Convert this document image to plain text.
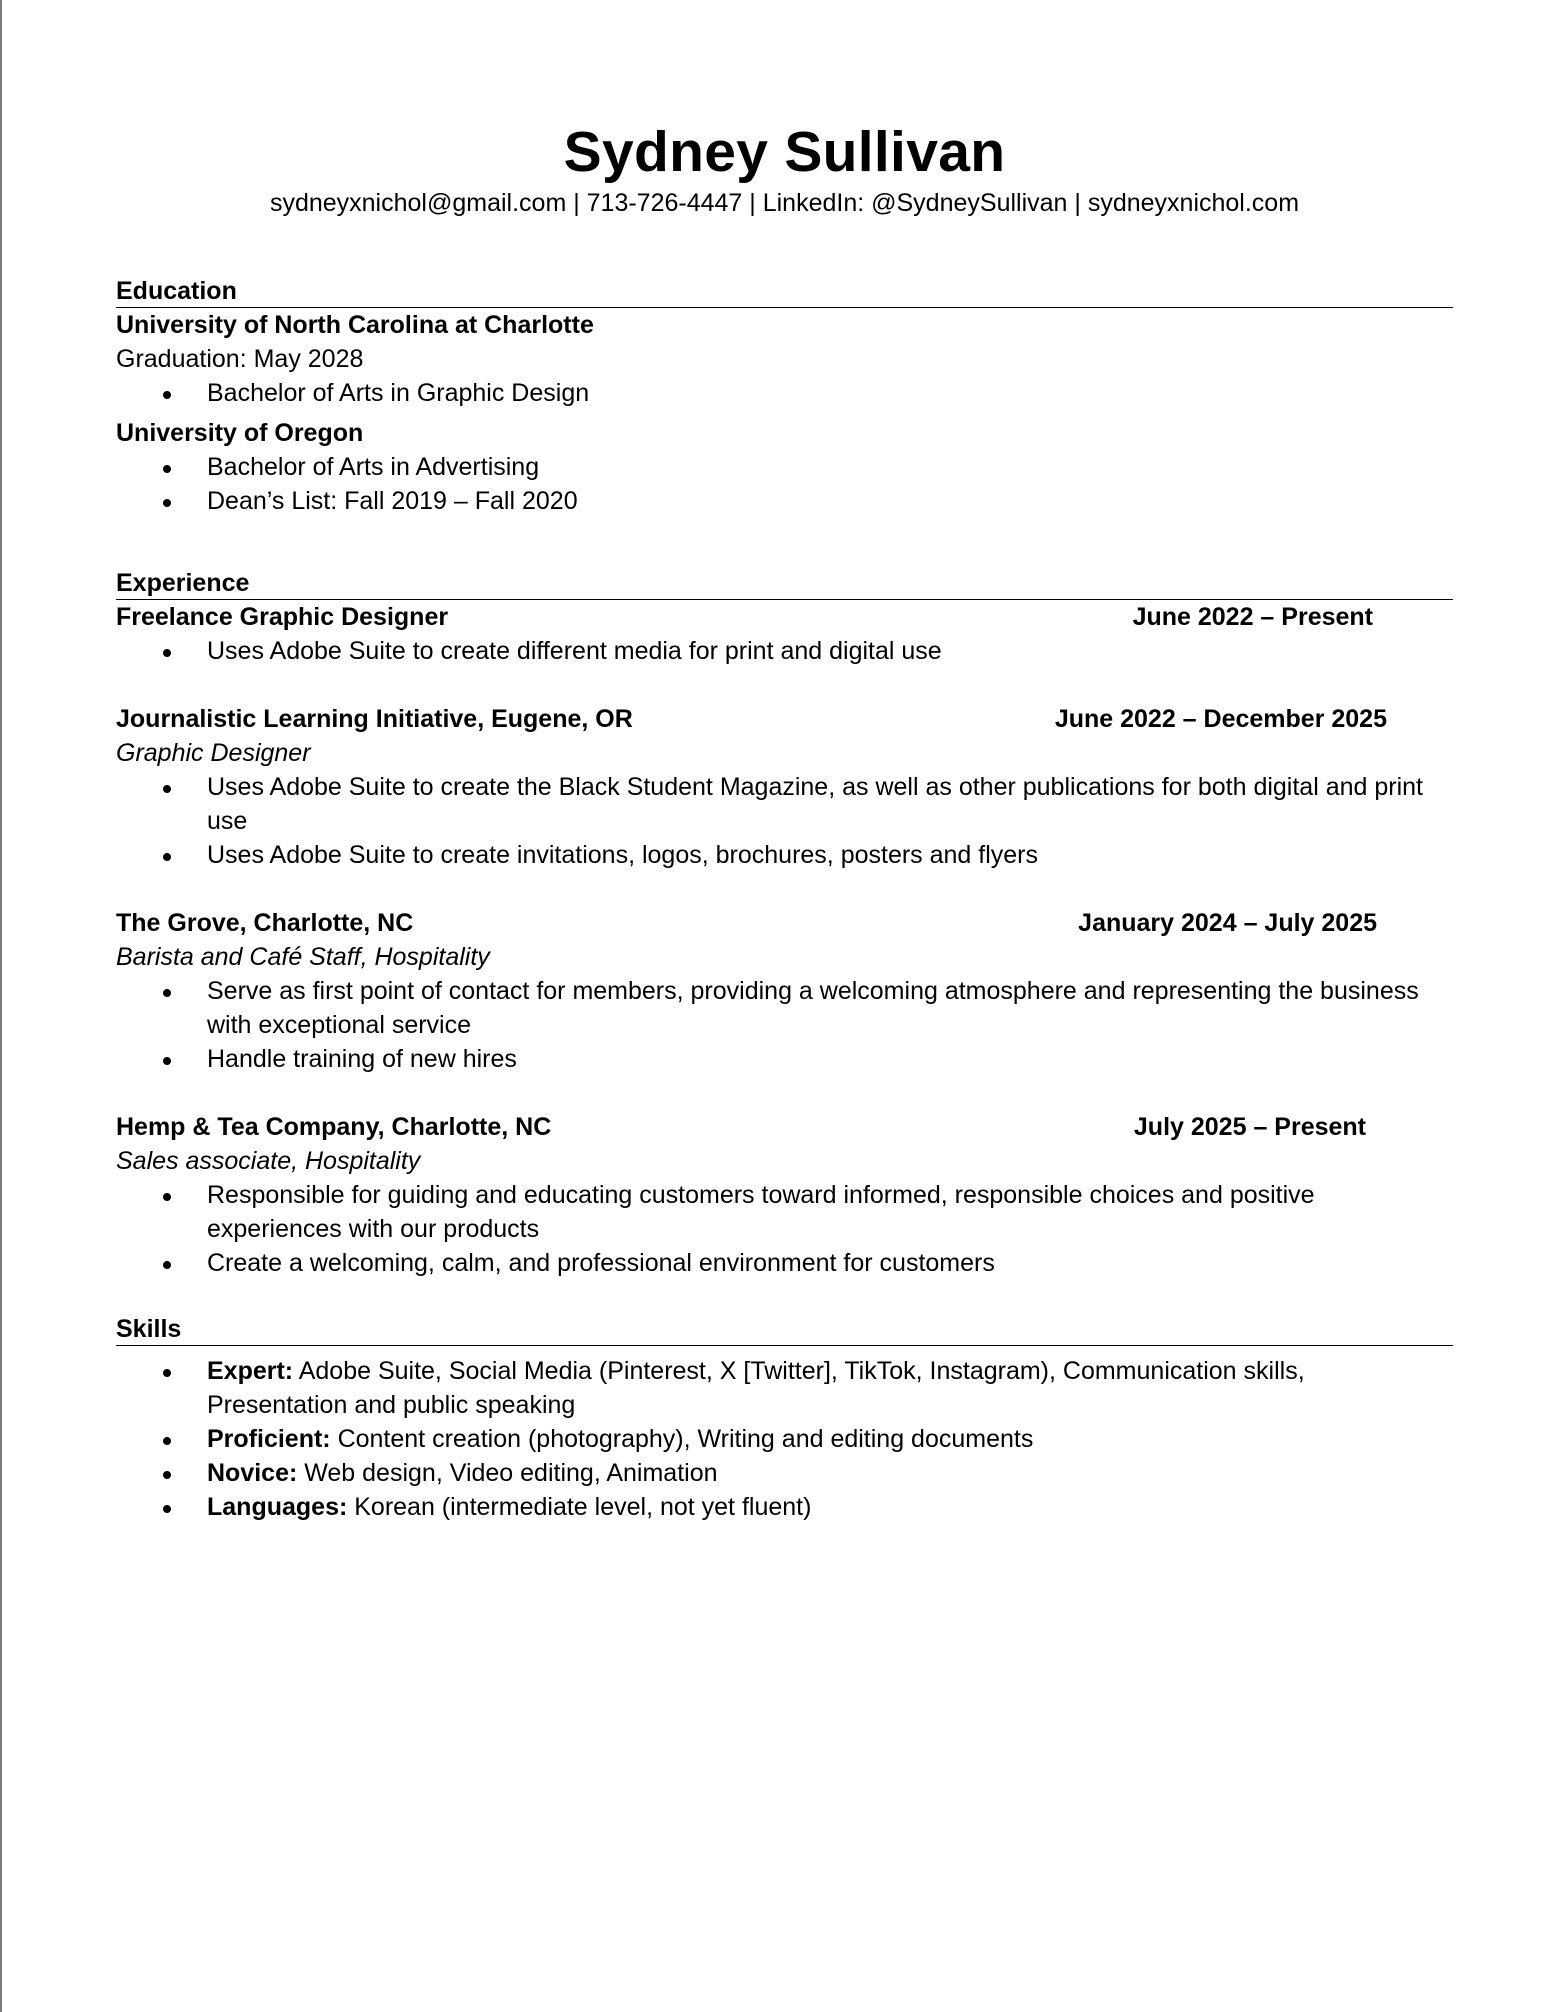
Sydney Sullivan
sydneyxnichol@gmail.com | 713-726-4447 | LinkedIn: @SydneySullivan | sydneyxnichol.com
Education
University of North Carolina at Charlotte
Graduation: May 2028
Bachelor of Arts in Graphic Design
University of Oregon
Bachelor of Arts in Advertising
Dean’s List: Fall 2019 – Fall 2020
Experience
Freelance Graphic Designer	June 2022 – Present
Uses Adobe Suite to create different media for print and digital use
Journalistic Learning Initiative, Eugene, OR	June 2022 – December 2025
Graphic Designer
Uses Adobe Suite to create the Black Student Magazine, as well as other publications for both digital and print use
Uses Adobe Suite to create invitations, logos, brochures, posters and flyers
The Grove, Charlotte, NC	January 2024 – July 2025
Barista and Café Staff, Hospitality
Serve as first point of contact for members, providing a welcoming atmosphere and representing the business with exceptional service
Handle training of new hires
Hemp & Tea Company, Charlotte, NC	July 2025 – Present
Sales associate, Hospitality
Responsible for guiding and educating customers toward informed, responsible choices and positive experiences with our products
Create a welcoming, calm, and professional environment for customers
Skills
Expert: Adobe Suite, Social Media (Pinterest, X [Twitter], TikTok, Instagram), Communication skills, Presentation and public speaking
Proficient: Content creation (photography), Writing and editing documents
Novice: Web design, Video editing, Animation
Languages: Korean (intermediate level, not yet fluent)
